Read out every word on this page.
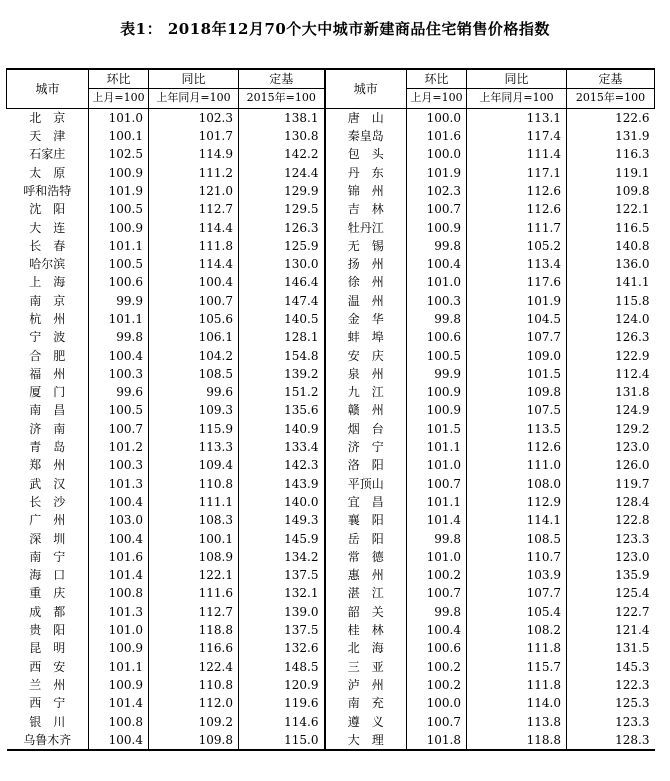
表1： 2018年12月70个大中城市新建商品住宅销售价格指数
城市	环比	同比	定基	城市	环比	同比	定基
	上月=100	上年同月=100	2015年=100		上月=100	上年同月=100	2015年=100
北　京	101.0	102.3	138.1	唐　山	100.0	113.1	122.6
天　津	100.1	101.7	130.8	秦皇岛	101.6	117.4	131.9
石家庄	102.5	114.9	142.2	包　头	100.0	111.4	116.3
太　原	100.9	111.2	124.4	丹　东	101.9	117.1	119.1
呼和浩特	101.9	121.0	129.9	锦　州	102.3	112.6	109.8
沈　阳	100.5	112.7	129.5	吉　林	100.7	112.6	122.1
大　连	100.9	114.4	126.3	牡丹江	100.9	111.7	116.5
长　春	101.1	111.8	125.9	无　锡	99.8	105.2	140.8
哈尔滨	100.5	114.4	130.0	扬　州	100.4	113.4	136.0
上　海	100.6	100.4	146.4	徐　州	101.0	117.6	141.1
南　京	99.9	100.7	147.4	温　州	100.3	101.9	115.8
杭　州	101.1	105.6	140.5	金　华	99.8	104.5	124.0
宁　波	99.8	106.1	128.1	蚌　埠	100.6	107.7	126.3
合　肥	100.4	104.2	154.8	安　庆	100.5	109.0	122.9
福　州	100.3	108.5	139.2	泉　州	99.9	101.5	112.4
厦　门	99.6	99.6	151.2	九　江	100.9	109.8	131.8
南　昌	100.5	109.3	135.6	赣　州	100.9	107.5	124.9
济　南	100.7	115.9	140.9	烟　台	101.5	113.5	129.2
青　岛	101.2	113.3	133.4	济　宁	101.1	112.6	123.0
郑　州	100.3	109.4	142.3	洛　阳	101.0	111.0	126.0
武　汉	101.3	110.8	143.9	平顶山	100.7	108.0	119.7
长　沙	100.4	111.1	140.0	宜　昌	101.1	112.9	128.4
广　州	103.0	108.3	149.3	襄　阳	101.4	114.1	122.8
深　圳	100.4	100.1	145.9	岳　阳	99.8	108.5	123.3
南　宁	101.6	108.9	134.2	常　德	101.0	110.7	123.0
海　口	101.4	122.1	137.5	惠　州	100.2	103.9	135.9
重　庆	100.8	111.6	132.1	湛　江	100.7	107.7	125.4
成　都	101.3	112.7	139.0	韶　关	99.8	105.4	122.7
贵　阳	101.0	118.8	137.5	桂　林	100.4	108.2	121.4
昆　明	100.9	116.6	132.6	北　海	100.6	111.8	131.5
西　安	101.1	122.4	148.5	三　亚	100.2	115.7	145.3
兰　州	100.9	110.8	120.9	泸　州	100.2	111.8	122.3
西　宁	101.4	112.0	119.6	南　充	100.0	114.0	125.3
银　川	100.8	109.2	114.6	遵　义	100.7	113.8	123.3
乌鲁木齐	100.4	109.8	115.0	大　理	101.8	118.8	128.3
